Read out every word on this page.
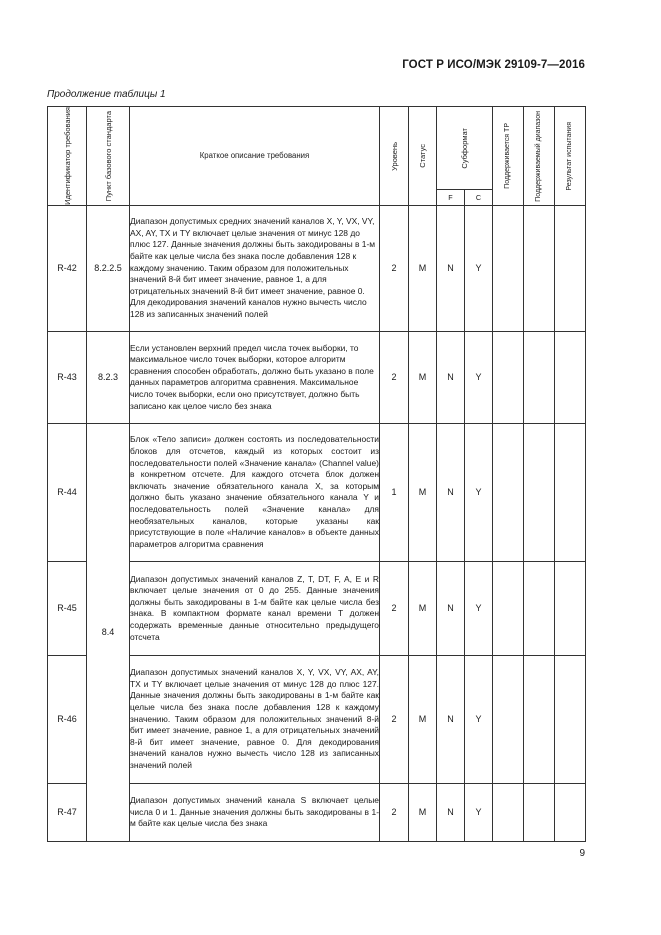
ГОСТ Р ИСО/МЭК 29109-7—2016
Продолжение таблицы 1
Идентификатор требования	Пункт базового стандарта	Краткое описание требования	Уровень	Статус	Субформат		Поддерживается ТР	Поддерживаемый диапазон	Результат испытания

					F	C			
R-42	8.2.2.5	Диапазон допустимых средних значений каналов X, Y, VX, VY, AX, AY, TX и TY включает целые значения от минус 128 до плюс 127. Данные значения должны быть закодированы в 1-м байте как целые числа без знака после добавления 128 к каждому значению. Таким образом для положительных значений 8-й бит имеет значение, равное 1, а для отрицательных значений 8-й бит имеет значение, равное 0. Для декодирования значений каналов нужно вычесть число 128 из записанных значений полей	2	M	N	Y			
R-43	8.2.3	Если установлен верхний предел числа точек выборки, то максимальное число точек выборки, которое алгоритм сравнения способен обработать, должно быть указано в поле данных параметров алгоритма сравнения. Максимальное число точек выборки, если оно присутствует, должно быть записано как целое число без знака	2	M	N	Y			
R-44	8.4	Блок «Тело записи» должен состоять из последовательности блоков для отсчетов, каждый из которых состоит из последовательности полей «Значение канала» (Channel value) в конкретном отсчете. Для каждого отсчета блок должен включать значение обязательного канала X, за которым должно быть указано значение обязательного канала Y и последовательность полей «Значение канала» для необязательных каналов, которые указаны как присутствующие в поле «Наличие каналов» в объекте данных параметров алгоритма сравнения	1	M	N	Y			
R-45		Диапазон допустимых значений каналов Z, T, DT, F, A, E и R включает целые значения от 0 до 255. Данные значения должны быть закодированы в 1-м байте как целые числа без знака. В компактном формате канал времени T должен содержать временные данные относительно предыдущего отсчета	2	M	N	Y			
R-46		Диапазон допустимых значений каналов X, Y, VX, VY, AX, AY, TX и TY включает целые значения от минус 128 до плюс 127. Данные значения должны быть закодированы в 1-м байте как целые числа без знака после добавления 128 к каждому значению. Таким образом для положительных значений 8-й бит имеет значение, равное 1, а для отрицательных значений 8-й бит имеет значение, равное 0. Для декодирования значений каналов нужно вычесть число 128 из записанных значений полей	2	M	N	Y			
R-47		Диапазон допустимых значений канала S включает целые числа 0 и 1. Данные значения должны быть закодированы в 1-м байте как целые числа без знака	2	M	N	Y			
9
